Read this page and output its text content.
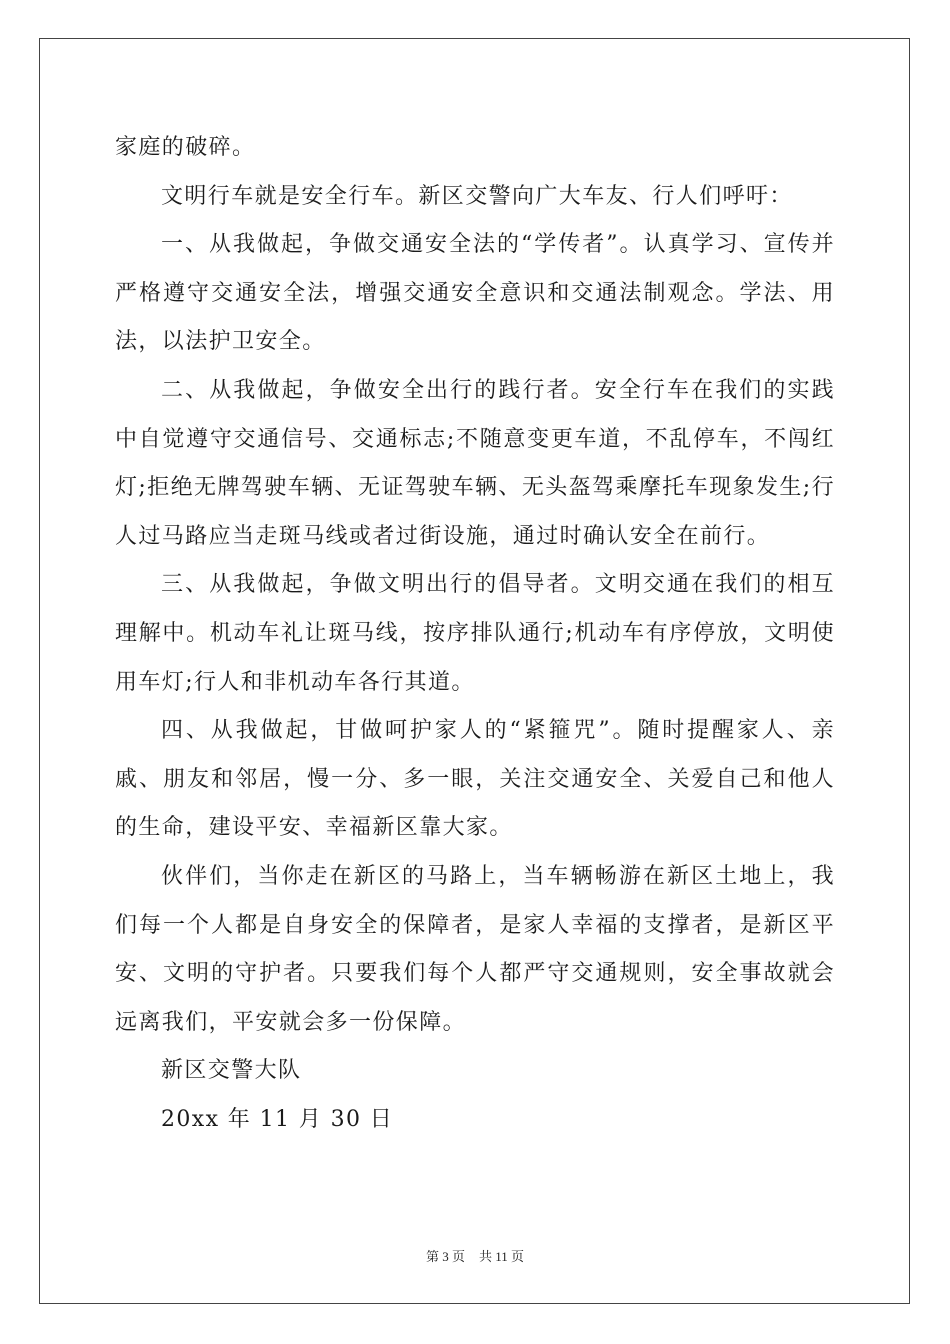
家庭的破碎。

文明行车就是安全行车。新区交警向广大车友、行人们呼吁：

一、从我做起，争做交通安全法的“学传者”。认真学习、宣传并严格遵守交通安全法，增强交通安全意识和交通法制观念。学法、用法，以法护卫安全。

二、从我做起，争做安全出行的践行者。安全行车在我们的实践中自觉遵守交通信号、交通标志;不随意变更车道，不乱停车，不闯红灯;拒绝无牌驾驶车辆、无证驾驶车辆、无头盔驾乘摩托车现象发生;行人过马路应当走斑马线或者过街设施，通过时确认安全在前行。

三、从我做起，争做文明出行的倡导者。文明交通在我们的相互理解中。机动车礼让斑马线，按序排队通行;机动车有序停放，文明使用车灯;行人和非机动车各行其道。

四、从我做起，甘做呵护家人的“紧箍咒”。随时提醒家人、亲戚、朋友和邻居，慢一分、多一眼，关注交通安全、关爱自己和他人的生命，建设平安、幸福新区靠大家。

伙伴们，当你走在新区的马路上，当车辆畅游在新区土地上，我们每一个人都是自身安全的保障者，是家人幸福的支撑者，是新区平安、文明的守护者。只要我们每个人都严守交通规则，安全事故就会远离我们，平安就会多一份保障。

新区交警大队

20xx 年 11 月 30 日

第 3 页 共 11 页
